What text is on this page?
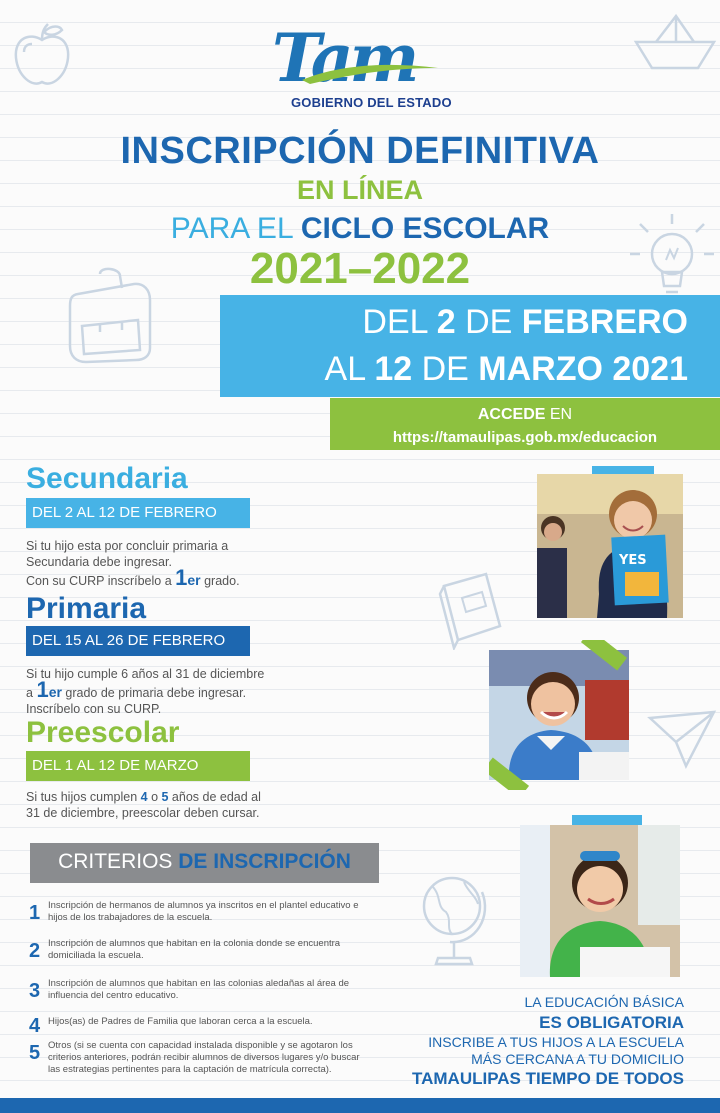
Tam
GOBIERNO DEL ESTADO
INSCRIPCIÓN DEFINITIVA
EN LÍNEA
PARA EL CICLO ESCOLAR
2021–2022
DEL 2 DE FEBRERO
AL 12 DE MARZO 2021
ACCEDE EN
https://tamaulipas.gob.mx/educacion
Secundaria
DEL 2 AL 12 DE FEBRERO
Si tu hijo esta por concluir primaria a
Secundaria debe ingresar.
Con su CURP inscríbelo a 1er grado.
Primaria
DEL 15 AL 26 DE FEBRERO
Si tu hijo cumple 6 años al 31 de diciembre
a 1er grado de primaria debe ingresar.
Inscríbelo con su CURP.
Preescolar
DEL 1 AL 12 DE MARZO
Si tus hijos cumplen 4 o 5 años de edad al
31 de diciembre, preescolar deben cursar.
CRITERIOS DE INSCRIPCIÓN
1 Inscripción de hermanos de alumnos ya inscritos en el plantel educativo e hijos de los trabajadores de la escuela.
2 Inscripción de alumnos que habitan en la colonia donde se encuentra domiciliada la escuela.
3 Inscripción de alumnos que habitan en las colonias aledañas al área de influencia del centro educativo.
4 Hijos(as) de Padres de Familia que laboran cerca a la escuela.
5 Otros (si se cuenta con capacidad instalada disponible y se agotaron los criterios anteriores, podrán recibir alumnos de diversos lugares y/o buscar las estrategias pertinentes para la captación de matrícula correcta).
YES
LA EDUCACIÓN BÁSICA
ES OBLIGATORIA
INSCRIBE A TUS HIJOS A LA ESCUELA
MÁS CERCANA A TU DOMICILIO
TAMAULIPAS TIEMPO DE TODOS
